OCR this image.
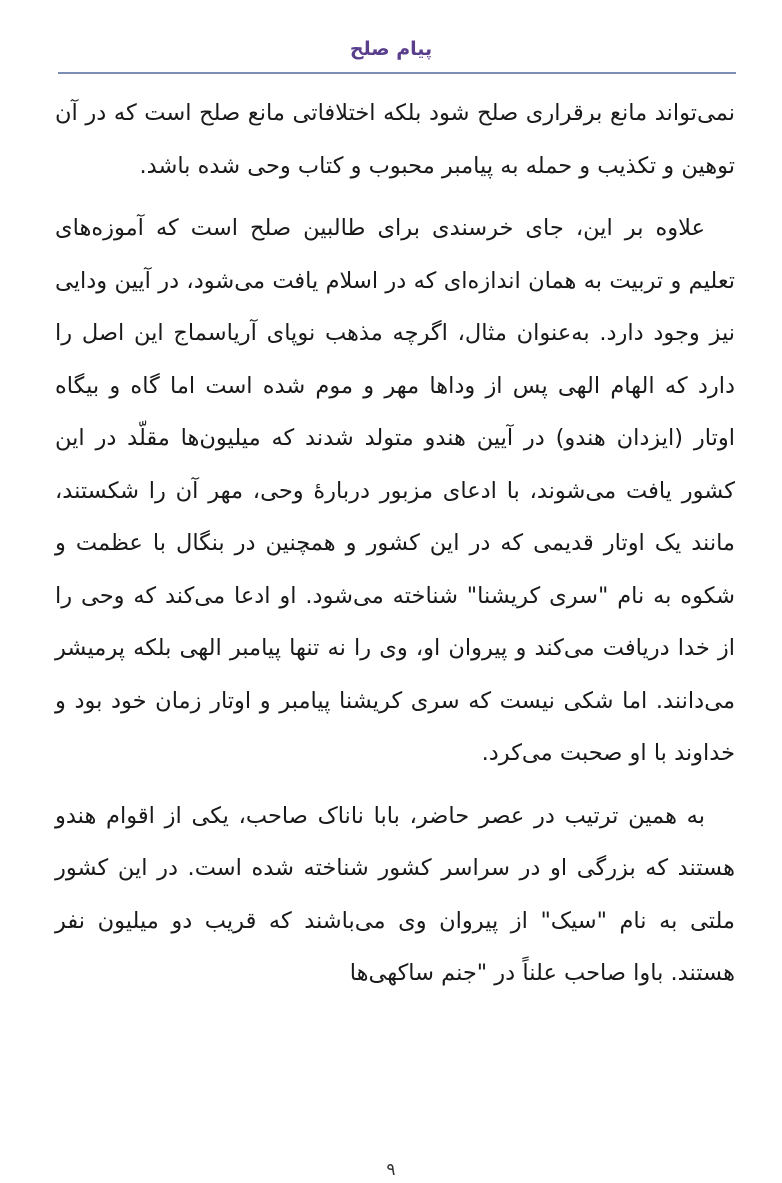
پیام صلح

نمی‌تواند مانع برقراری صلح شود بلکه اختلافاتی مانع صلح است که در آن توهین و تکذیب و حمله به پیامبر محبوب و کتاب وحی شده باشد.

علاوه بر این، جای خرسندی برای طالبین صلح است که آموزه‌های تعلیم و تربیت به همان اندازه‌ای که در اسلام یافت می‌شود، در آیین ودایی نیز وجود دارد. به‌عنوان مثال، اگرچه مذهب نوپای آریاسماج این اصل را دارد که الهام الهی پس از وداها مهر و موم شده است اما گاه و بیگاه اوتار (ایزدان هندو) در آیین هندو متولد شدند که میلیون‌ها مقلّد در این کشور یافت می‌شوند، با ادعای مزبور دربارۀ وحی، مهر آن را شکستند، مانند یک اوتار قدیمی که در این کشور و همچنین در بنگال با عظمت و شکوه به نام "سری کریشنا" شناخته می‌شود. او ادعا می‌کند که وحی را از خدا دریافت می‌کند و پیروان او، وی را نه تنها پیامبر الهی بلکه پرمیشر می‌دانند. اما شکی نیست که سری کریشنا پیامبر و اوتار زمان خود بود و خداوند با او صحبت می‌کرد.

به همین ترتیب در عصر حاضر، بابا ناناک صاحب، یکی از اقوام هندو هستند که بزرگی او در سراسر کشور شناخته شده است. در این کشور ملتی به نام "سیک" از پیروان وی می‌باشند که قریب دو میلیون نفر هستند. باوا صاحب علناً در "جنم ساکهی‌ها

۹
